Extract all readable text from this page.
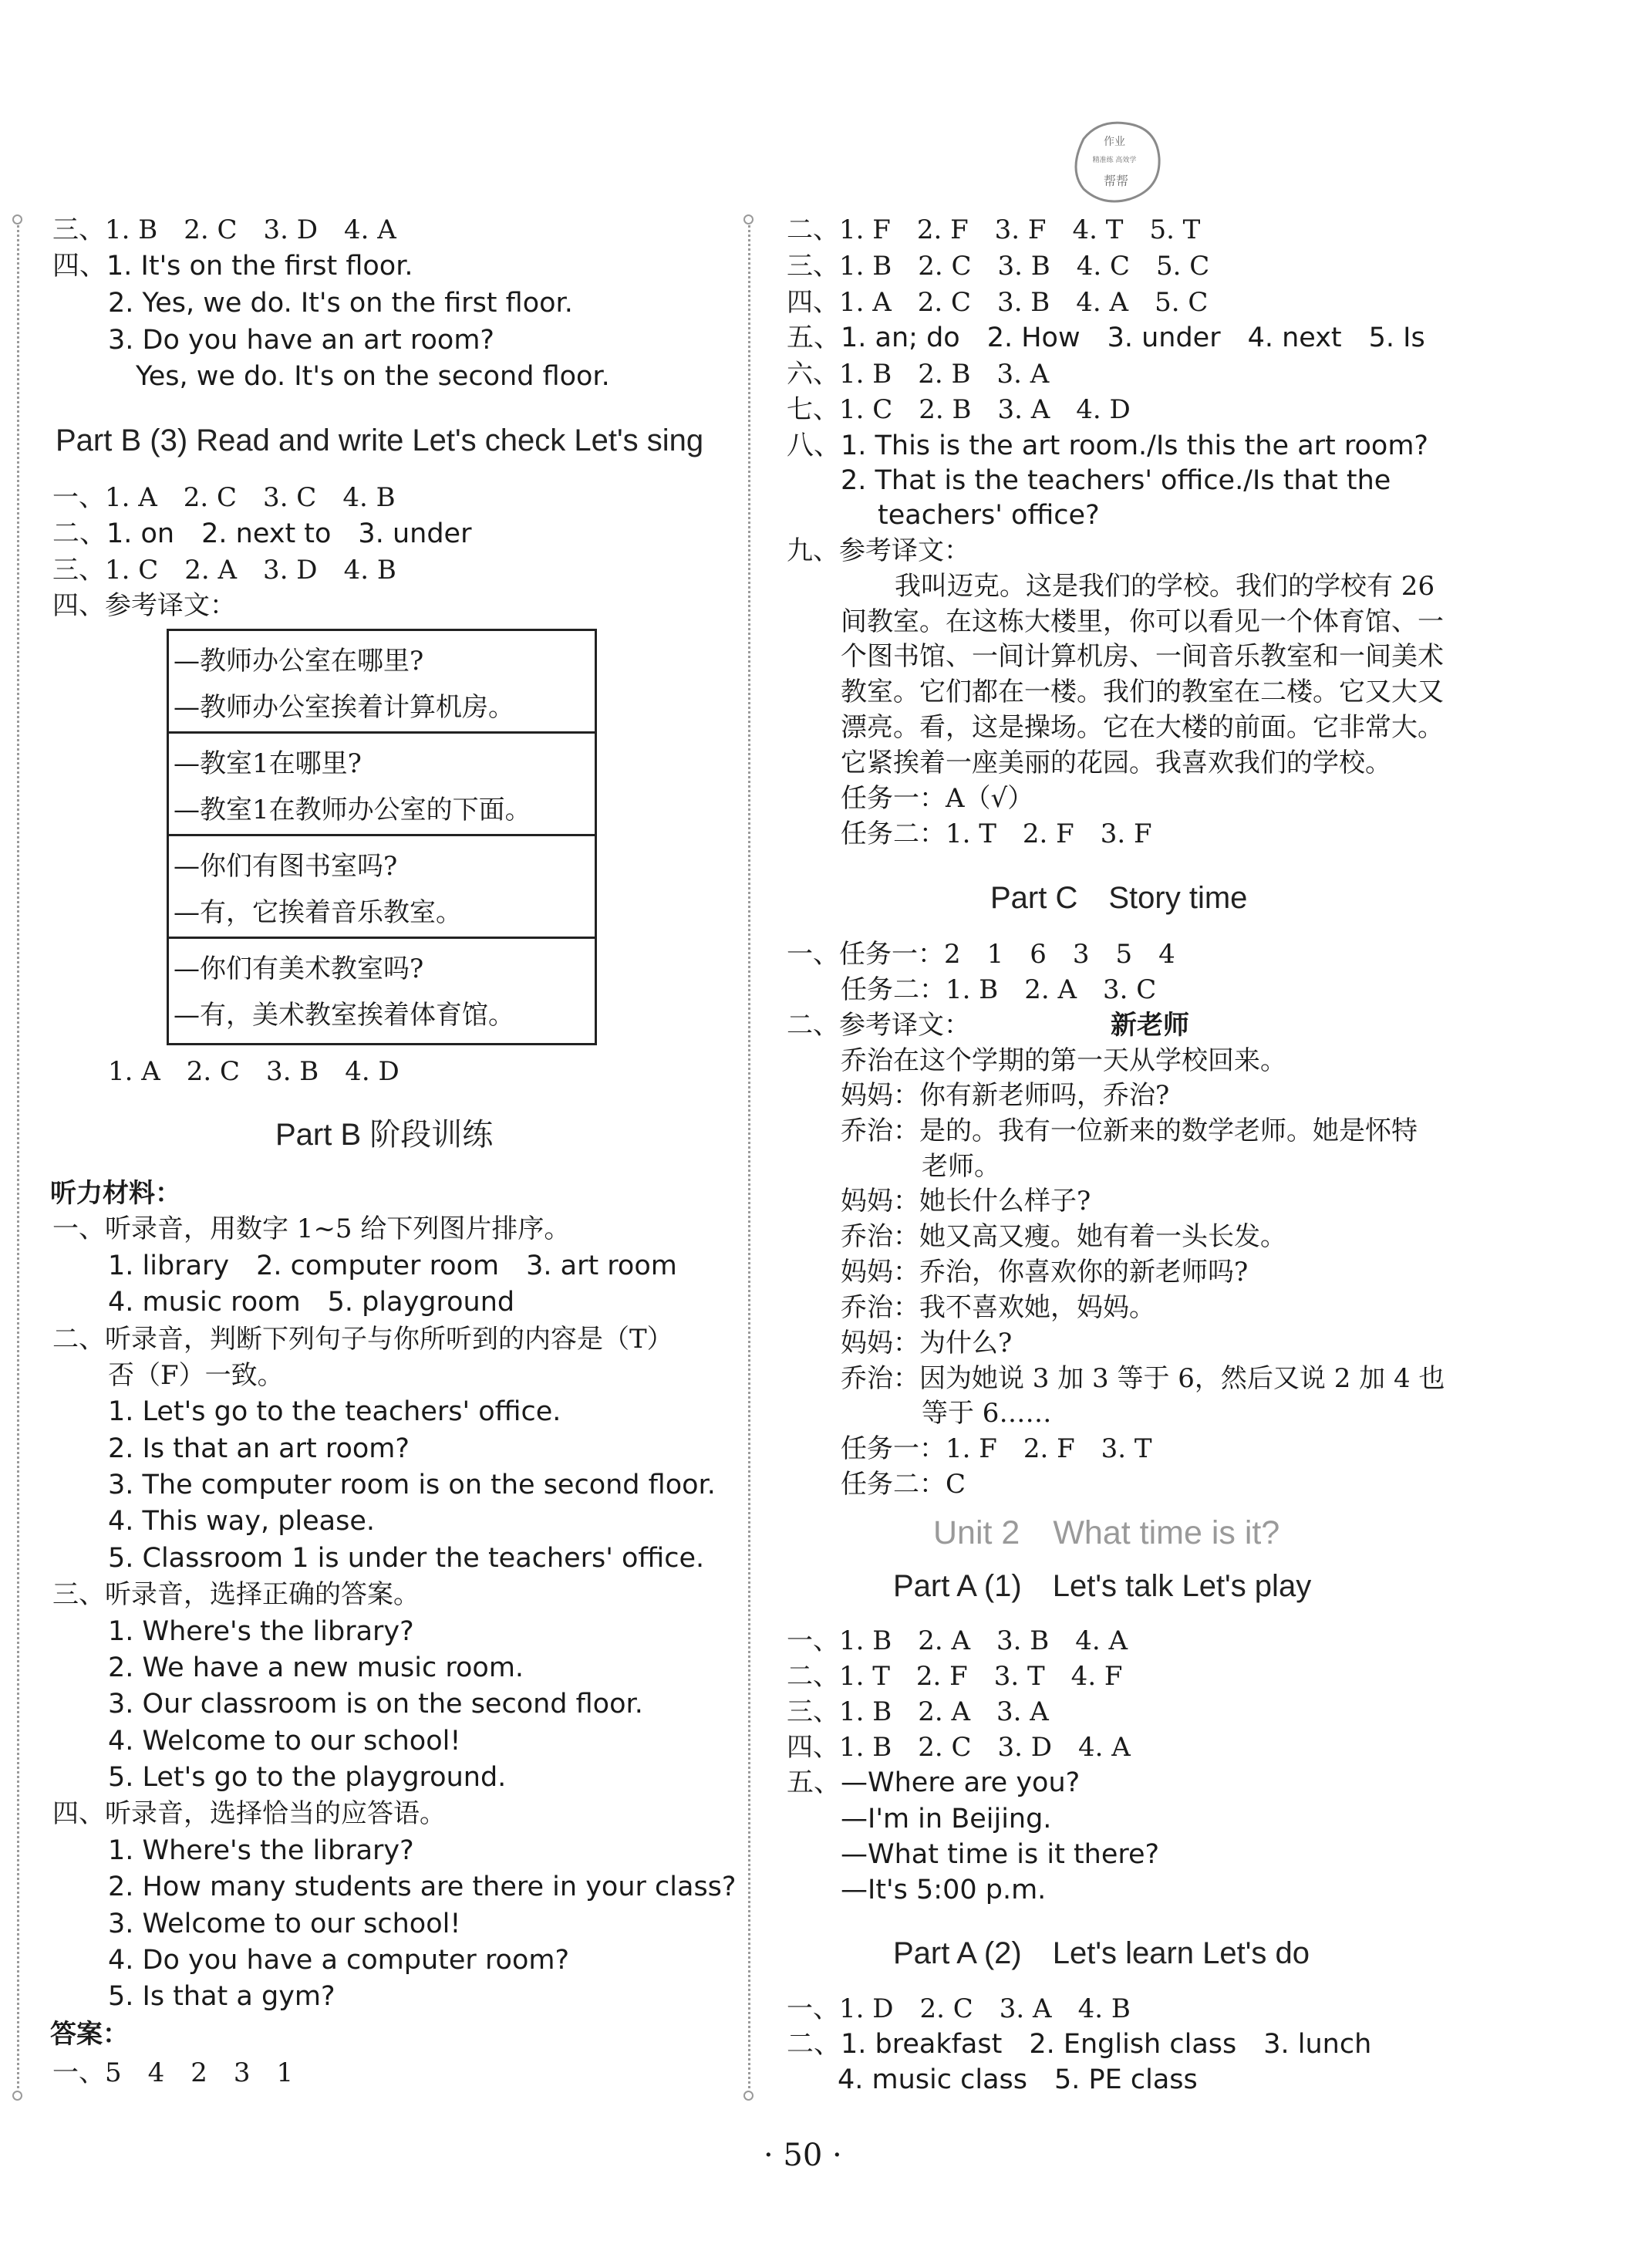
作业
精准练 高效学
帮帮
三、1. B　2. C　3. D　4. A
四、1. It's on the first floor.
2. Yes, we do. It's on the first floor.
3. Do you have an art room?
Yes, we do. It's on the second floor.
Part B (3) Read and write Let's check Let's sing
一、1. A　2. C　3. C　4. B
二、1. on　2. next to　3. under
三、1. C　2. A　3. D　4. B
四、参考译文：
—教师办公室在哪里?
—教师办公室挨着计算机房。
—教室1在哪里?
—教室1在教师办公室的下面。
—你们有图书室吗?
—有，它挨着音乐教室。
—你们有美术教室吗?
—有，美术教室挨着体育馆。
1. A　2. C　3. B　4. D
Part B 阶段训练
听力材料：
一、听录音，用数字 1~5 给下列图片排序。
1. library　2. computer room　3. art room
4. music room　5. playground
二、听录音，判断下列句子与你所听到的内容是（T）
否（F）一致。
1. Let's go to the teachers' office.
2. Is that an art room?
3. The computer room is on the second floor.
4. This way, please.
5. Classroom 1 is under the teachers' office.
三、听录音，选择正确的答案。
1. Where's the library?
2. We have a new music room.
3. Our classroom is on the second floor.
4. Welcome to our school!
5. Let's go to the playground.
四、听录音，选择恰当的应答语。
1. Where's the library?
2. How many students are there in your class?
3. Welcome to our school!
4. Do you have a computer room?
5. Is that a gym?
答案：
一、5　4　2　3　1
二、1. F　2. F　3. F　4. T　5. T
三、1. B　2. C　3. B　4. C　5. C
四、1. A　2. C　3. B　4. A　5. C
五、1. an; do　2. How　3. under　4. next　5. Is
六、1. B　2. B　3. A
七、1. C　2. B　3. A　4. D
八、1. This is the art room./Is this the art room?
2. That is the teachers' office./Is that the
teachers' office?
九、参考译文：
我叫迈克。这是我们的学校。我们的学校有 26
间教室。在这栋大楼里，你可以看见一个体育馆、一
个图书馆、一间计算机房、一间音乐教室和一间美术
教室。它们都在一楼。我们的教室在二楼。它又大又
漂亮。看，这是操场。它在大楼的前面。它非常大。
它紧挨着一座美丽的花园。我喜欢我们的学校。
任务一：A（√）
任务二：1. T　2. F　3. F
Part C　Story time
一、任务一：2　1　6　3　5　4
任务二：1. B　2. A　3. C
二、参考译文：	新老师
乔治在这个学期的第一天从学校回来。
妈妈：你有新老师吗，乔治?
乔治：是的。我有一位新来的数学老师。她是怀特
老师。
妈妈：她长什么样子?
乔治：她又高又瘦。她有着一头长发。
妈妈：乔治，你喜欢你的新老师吗?
乔治：我不喜欢她，妈妈。
妈妈：为什么?
乔治：因为她说 3 加 3 等于 6，然后又说 2 加 4 也
等于 6……
任务一：1. F　2. F　3. T
任务二：C
Unit 2　What time is it?
Part A (1)　Let's talk Let's play
一、1. B　2. A　3. B　4. A
二、1. T　2. F　3. T　4. F
三、1. B　2. A　3. A
四、1. B　2. C　3. D　4. A
五、—Where are you?
—I'm in Beijing.
—What time is it there?
—It's 5:00 p.m.
Part A (2)　Let's learn Let's do
一、1. D　2. C　3. A　4. B
二、1. breakfast　2. English class　3. lunch
4. music class　5. PE class
· 50 ·
